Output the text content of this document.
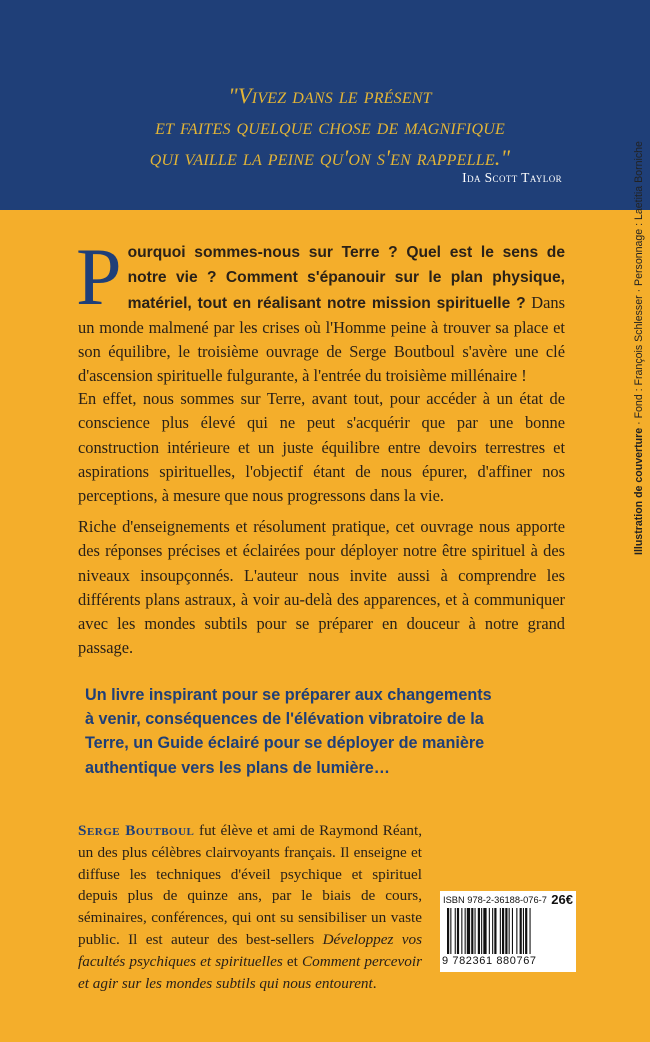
"Vivez dans le présent
et faites quelque chose de magnifique
qui vaille la peine qu'on s'en rappelle."
Ida Scott Taylor
Pourquoi sommes-nous sur Terre ? Quel est le sens de notre vie ? Comment s'épanouir sur le plan physique, matériel, tout en réalisant notre mission spirituelle ? Dans un monde malmené par les crises où l'Homme peine à trouver sa place et son équilibre, le troisième ouvrage de Serge Boutboul s'avère une clé d'ascension spirituelle fulgurante, à l'entrée du troisième millénaire !
En effet, nous sommes sur Terre, avant tout, pour accéder à un état de conscience plus élevé qui ne peut s'acquérir que par une bonne construction intérieure et un juste équilibre entre devoirs terrestres et aspirations spirituelles, l'objectif étant de nous épurer, d'affiner nos perceptions, à mesure que nous progressons dans la vie.
Riche d'enseignements et résolument pratique, cet ouvrage nous apporte des réponses précises et éclairées pour déployer notre être spirituel à des niveaux insoupçonnés. L'auteur nous invite aussi à comprendre les différents plans astraux, à voir au-delà des apparences, et à communiquer avec les mondes subtils pour se préparer en douceur à notre grand passage.
Un livre inspirant pour se préparer aux changements
à venir, conséquences de l'élévation vibratoire de la
Terre, un Guide éclairé pour se déployer de manière
authentique vers les plans de lumière…
Serge Boutboul fut élève et ami de Raymond Réant, un des plus célèbres clairvoyants français. Il enseigne et diffuse les techniques d'éveil psychique et spirituel depuis plus de quinze ans, par le biais de cours, séminaires, conférences, qui ont su sensibiliser un vaste public. Il est auteur des best-sellers Développez vos facultés psychiques et spirituelles et Comment percevoir et agir sur les mondes subtils qui nous entourent.
ISBN 978-2-36188-076-7 26€
9 782361 880767
Illustration de couverture · Fond : François Schlesser · Personnage : Laetitia Borniche
